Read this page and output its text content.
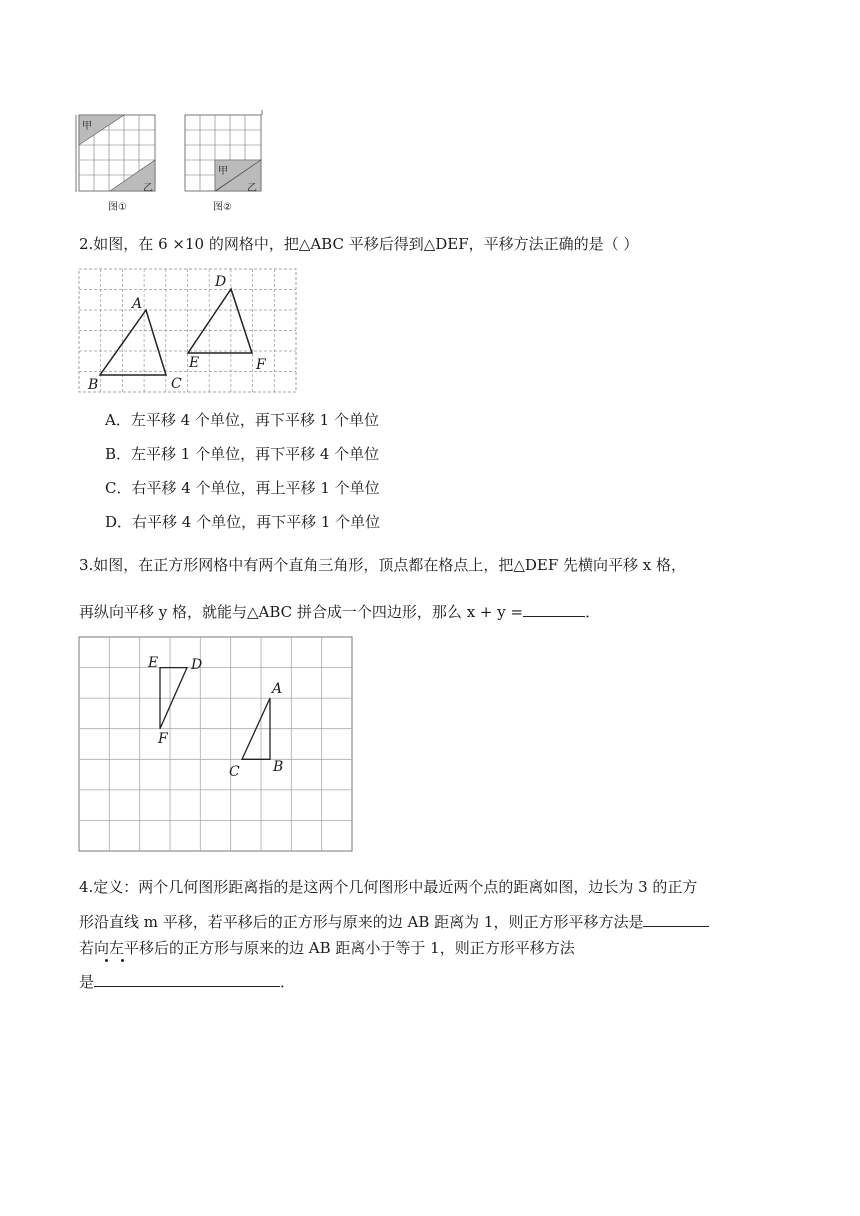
甲
乙
甲
乙
图①	图②
2.如图，在 6 ×10 的网格中，把△ABC 平移后得到△DEF，平移方法正确的是（ ）
A
B	C
D
E	F
A．左平移 4 个单位，再下平移 1 个单位
B．左平移 1 个单位，再下平移 4 个单位
C．右平移 4 个单位，再上平移 1 个单位
D．右平移 4 个单位，再下平移 1 个单位
3.如图，在正方形网格中有两个直角三角形，顶点都在格点上，把△DEF 先横向平移 x 格，
再纵向平移 y 格，就能与△ABC 拼合成一个四边形，那么 x + y =	．
E D
F
A
B
C
4.定义：两个几何图形距离指的是这两个几何图形中最近两个点的距离如图，边长为 3 的正方
形沿直线 m 平移，若平移后的正方形与原来的边 AB 距离为 1，则正方形平移方法是
若向左平移后的正方形与原来的边 AB 距离小于等于 1，则正方形平移方法
是	．
